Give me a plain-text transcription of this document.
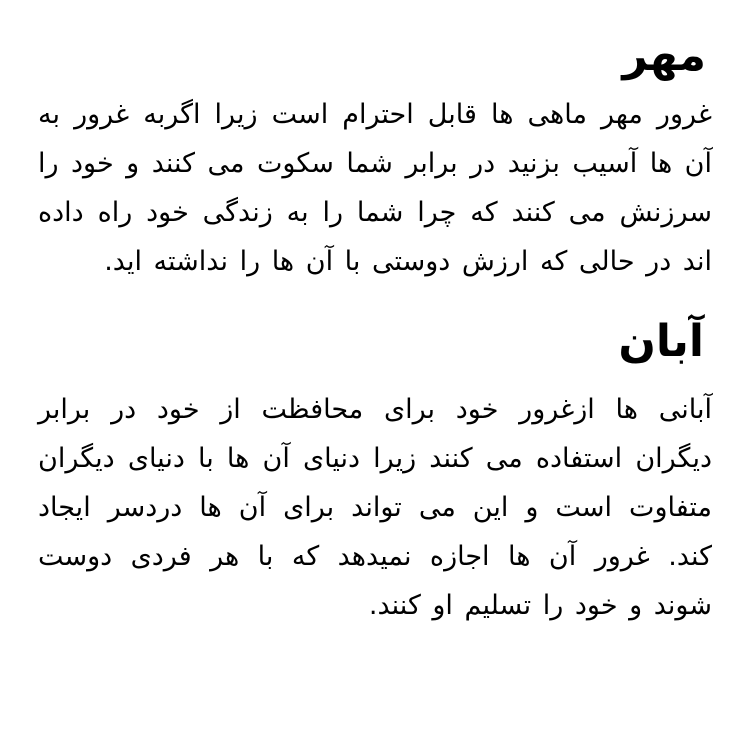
مهر

غرور مهر ماهی ها قابل احترام است زیرا اگربه غرور به آن ها آسیب بزنید در برابر شما سکوت می کنند و خود را سرزنش می کنند که چرا شما را به زندگی خود راه داده اند در حالی که ارزش دوستی با آن ها را نداشته اید.

آبان

آبانی ها ازغرور خود برای محافظت از خود در برابر دیگران استفاده می کنند زیرا دنیای آن ها با دنیای دیگران متفاوت است و این می تواند برای آن ها دردسر ایجاد کند. غرور آن ها اجازه نمیدهد که با هر فردی دوست شوند و خود را تسلیم او کنند.
